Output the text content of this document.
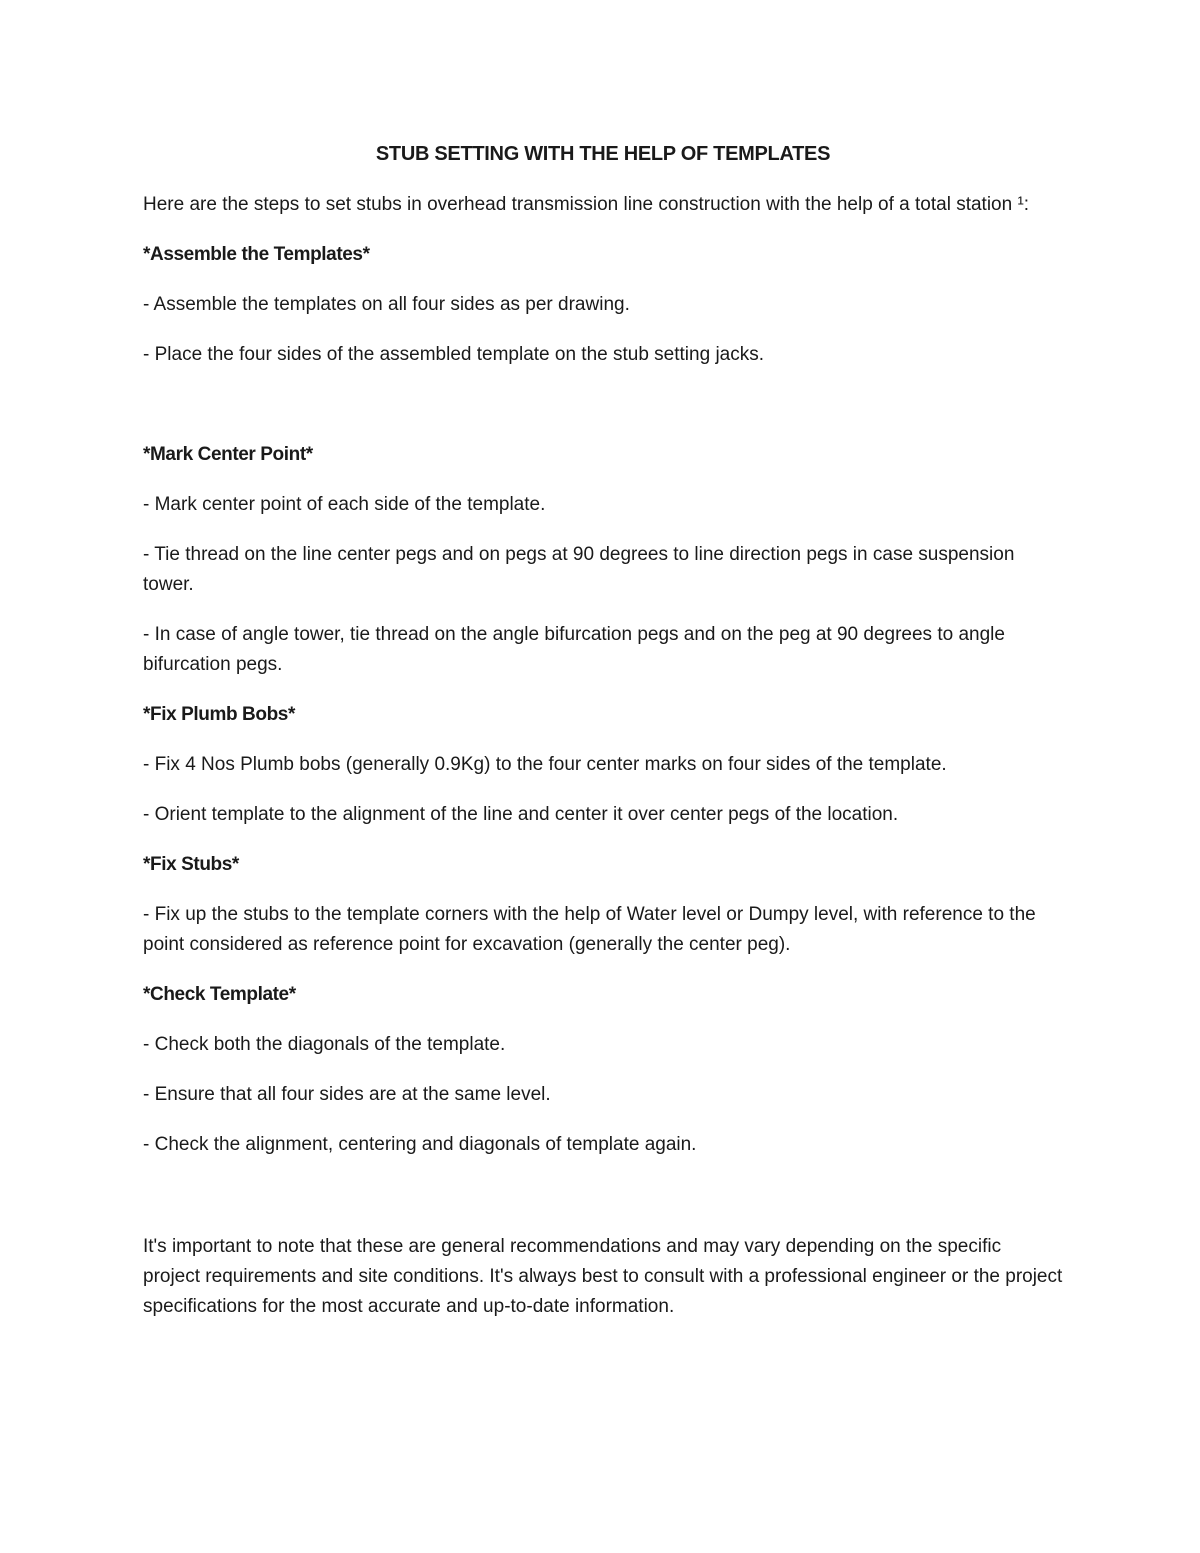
STUB SETTING WITH THE HELP OF TEMPLATES

Here are the steps to set stubs in overhead transmission line construction with the help of a total station ¹:

*Assemble the Templates*

- Assemble the templates on all four sides as per drawing.

- Place the four sides of the assembled template on the stub setting jacks.

*Mark Center Point*

- Mark center point of each side of the template.

- Tie thread on the line center pegs and on pegs at 90 degrees to line direction pegs in case suspension tower.

- In case of angle tower, tie thread on the angle bifurcation pegs and on the peg at 90 degrees to angle bifurcation pegs.

*Fix Plumb Bobs*

- Fix 4 Nos Plumb bobs (generally 0.9Kg) to the four center marks on four sides of the template.

- Orient template to the alignment of the line and center it over center pegs of the location.

*Fix Stubs*

- Fix up the stubs to the template corners with the help of Water level or Dumpy level, with reference to the point considered as reference point for excavation (generally the center peg).

*Check Template*

- Check both the diagonals of the template.

- Ensure that all four sides are at the same level.

- Check the alignment, centering and diagonals of template again.

It's important to note that these are general recommendations and may vary depending on the specific project requirements and site conditions. It's always best to consult with a professional engineer or the project specifications for the most accurate and up-to-date information.
